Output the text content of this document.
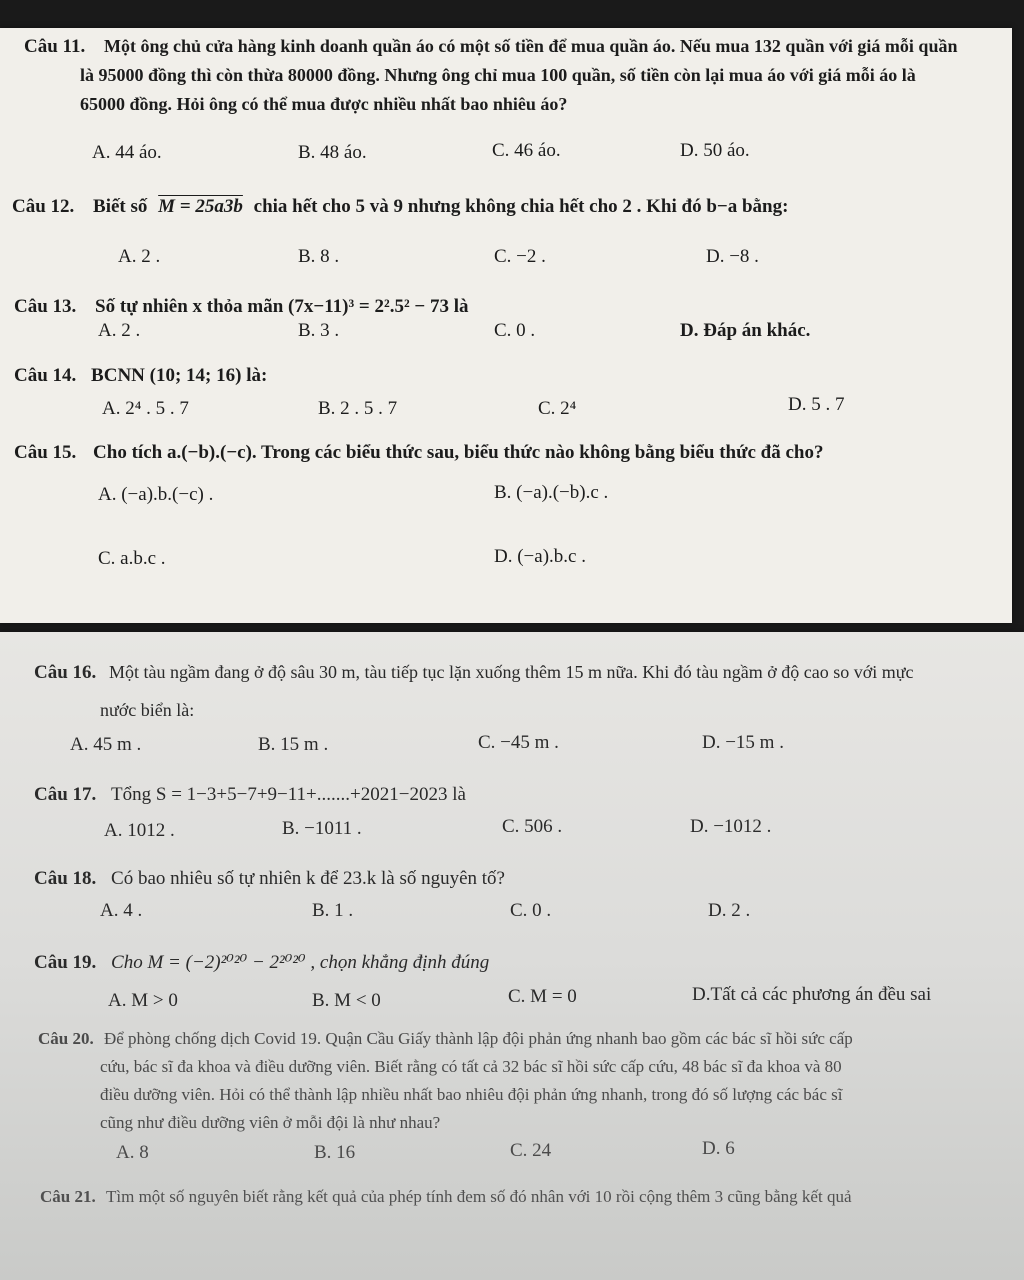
Câu 11. Một ông chủ cửa hàng kinh doanh quần áo có một số tiền để mua quần áo. Nếu mua 132 quần với giá mỗi quần
là 95000 đồng thì còn thừa 80000 đồng. Nhưng ông chỉ mua 100 quần, số tiền còn lại mua áo với giá mỗi áo là
65000 đồng. Hỏi ông có thể mua được nhiều nhất bao nhiêu áo?
A. 44 áo.	B. 48 áo.	C. 46 áo.	D. 50 áo.
Câu 12. Biết số M = 25a3b chia hết cho 5 và 9 nhưng không chia hết cho 2 . Khi đó b−a bằng:
A. 2 .	B. 8 .	C. −2 .	D. −8 .
Câu 13. Số tự nhiên x thỏa mãn (7x−11)³ = 2².5² − 73 là
A. 2 .	B. 3 .	C. 0 .	D. Đáp án khác.
Câu 14. BCNN (10; 14; 16) là:
A. 2⁴ . 5 . 7	B. 2 . 5 . 7	C. 2⁴	D. 5 . 7
Câu 15. Cho tích a.(−b).(−c). Trong các biểu thức sau, biểu thức nào không bằng biểu thức đã cho?
A. (−a).b.(−c) .	B. (−a).(−b).c .
C. a.b.c .	D. (−a).b.c .
Câu 16. Một tàu ngầm đang ở độ sâu 30 m, tàu tiếp tục lặn xuống thêm 15 m nữa. Khi đó tàu ngầm ở độ cao so với mực
nước biển là:
A. 45 m .	B. 15 m .	C. −45 m .	D. −15 m .
Câu 17. Tổng S = 1−3+5−7+9−11+.......+2021−2023 là
A. 1012 .	B. −1011 .	C. 506 .	D. −1012 .
Câu 18. Có bao nhiêu số tự nhiên k để 23.k là số nguyên tố?
A. 4 .	B. 1 .	C. 0 .	D. 2 .
Câu 19. Cho M = (−2)²⁰²⁰ − 2²⁰²⁰ , chọn khẳng định đúng
A. M > 0	B. M < 0	C. M = 0	D.Tất cả các phương án đều sai
Câu 20. Để phòng chống dịch Covid 19. Quận Cầu Giấy thành lập đội phản ứng nhanh bao gồm các bác sĩ hồi sức cấp
cứu, bác sĩ đa khoa và điều dưỡng viên. Biết rằng có tất cả 32 bác sĩ hồi sức cấp cứu, 48 bác sĩ đa khoa và 80
điều dưỡng viên. Hỏi có thể thành lập nhiều nhất bao nhiêu đội phản ứng nhanh, trong đó số lượng các bác sĩ
cũng như điều dưỡng viên ở mỗi đội là như nhau?
A. 8	B. 16	C. 24	D. 6
Câu 21. Tìm một số nguyên biết rằng kết quả của phép tính đem số đó nhân với 10 rồi cộng thêm 3 cũng bằng kết quả
